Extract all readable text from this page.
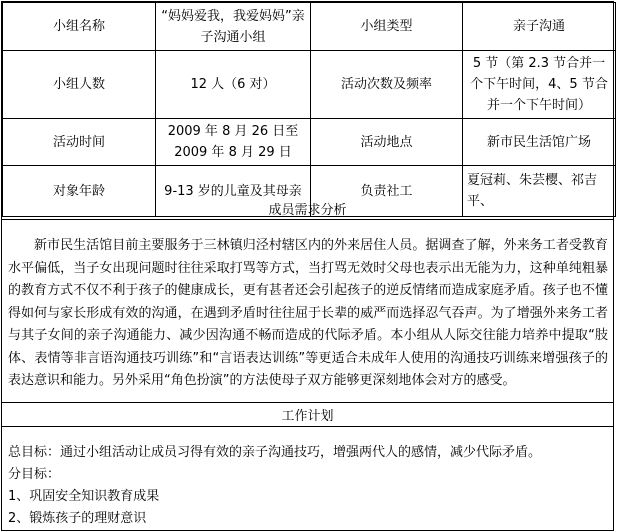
小组名称	“妈妈爱我，我爱妈妈”亲子沟通小组	小组类型	亲子沟通
小组人数	12 人（6 对）	活动次数及频率	5 节（第 2.3 节合并一个下午时间，4、5 节合并一个下午时间）
活动时间	2009 年 8 月 26 日至 2009 年 8 月 29 日	活动地点	新市民生活馆广场
对象年龄	9-13 岁的儿童及其母亲	负责社工	夏冠莉、朱芸樱、祁吉平、
成员需求分析
新市民生活馆目前主要服务于三林镇归泾村辖区内的外来居住人员。据调查了解，外来务工者受教育水平偏低，当子女出现问题时往往采取打骂等方式，当打骂无效时父母也表示出无能为力，这种单纯粗暴的教育方式不仅不利于孩子的健康成长，更有甚者还会引起孩子的逆反情绪而造成家庭矛盾。孩子也不懂得如何与家长形成有效的沟通，在遇到矛盾时往往屈于长辈的威严而选择忍气吞声。为了增强外来务工者与其子女间的亲子沟通能力、减少因沟通不畅而造成的代际矛盾。本小组从人际交往能力培养中提取“肢体、表情等非言语沟通技巧训练”和“言语表达训练”等更适合未成年人使用的沟通技巧训练来增强孩子的表达意识和能力。另外采用“角色扮演”的方法使母子双方能够更深刻地体会对方的感受。
工作计划
总目标：通过小组活动让成员习得有效的亲子沟通技巧，增强两代人的感情，减少代际矛盾。
分目标：
1、巩固安全知识教育成果
2、锻炼孩子的理财意识
